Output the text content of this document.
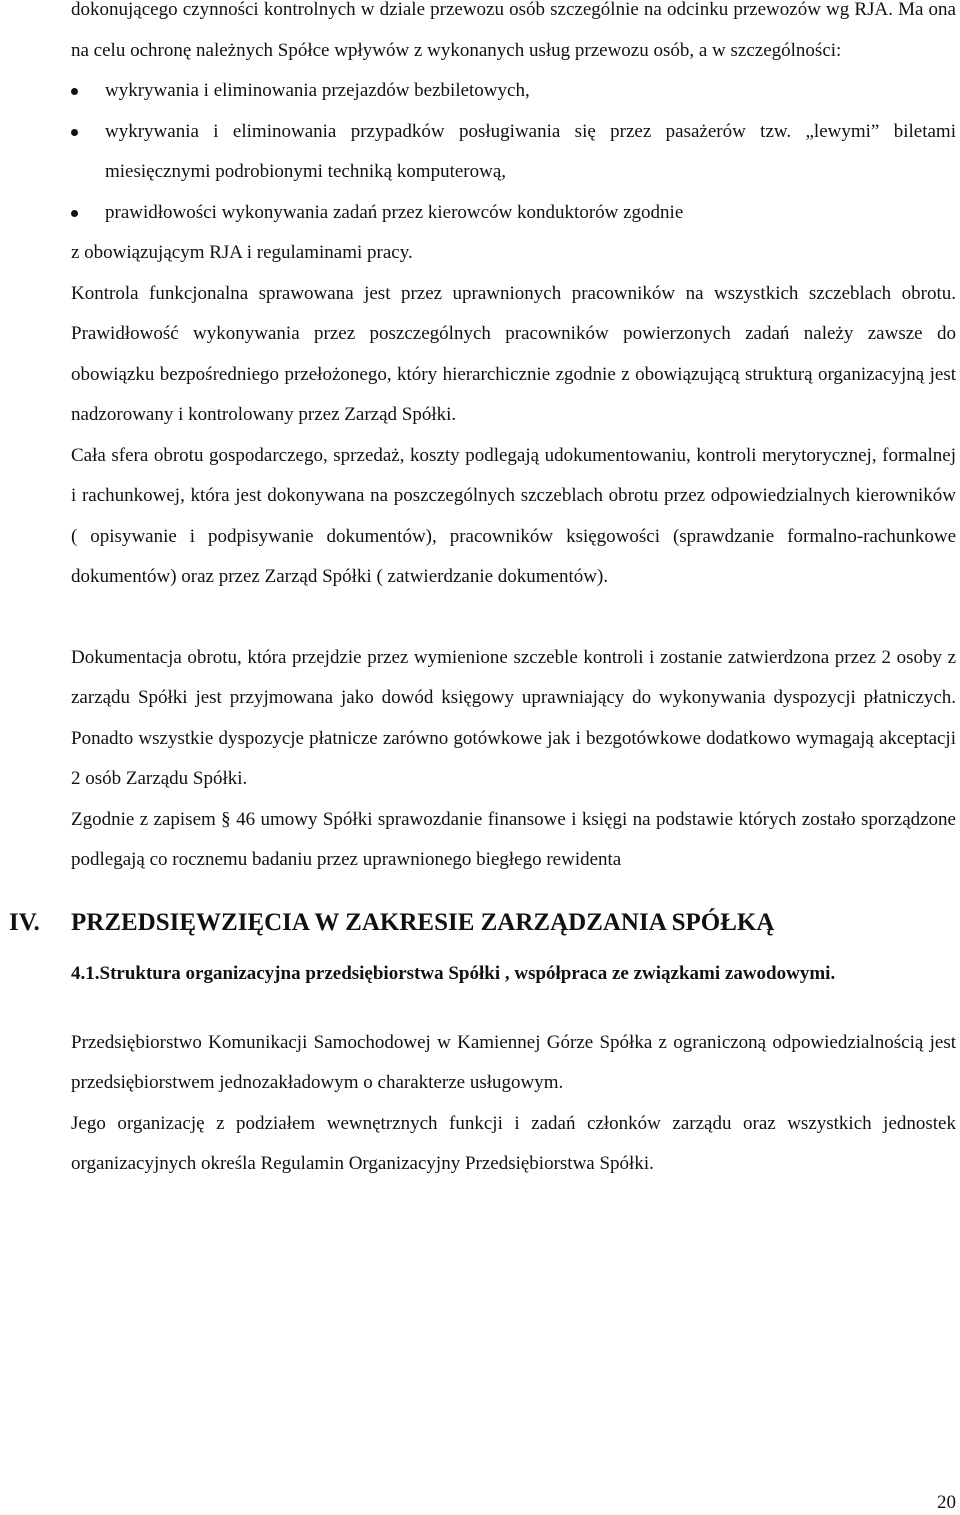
dokonującego czynności kontrolnych w dziale przewozu osób szczególnie na odcinku przewozów wg RJA. Ma ona na celu ochronę należnych Spółce wpływów z wykonanych usług przewozu osób, a w szczególności:

wykrywania i eliminowania przejazdów bezbiletowych,
wykrywania i eliminowania przypadków posługiwania się przez pasażerów tzw. „lewymi” biletami miesięcznymi podrobionymi techniką komputerową,
prawidłowości wykonywania zadań przez kierowców konduktorów zgodnie
z obowiązującym RJA i regulaminami pracy.

Kontrola funkcjonalna sprawowana jest przez uprawnionych pracowników na wszystkich szczeblach obrotu. Prawidłowość wykonywania przez poszczególnych pracowników powierzonych zadań należy zawsze do obowiązku bezpośredniego przełożonego, który hierarchicznie zgodnie z obowiązującą strukturą organizacyjną jest nadzorowany i kontrolowany przez Zarząd Spółki.

Cała sfera obrotu gospodarczego, sprzedaż, koszty podlegają udokumentowaniu, kontroli merytorycznej, formalnej i rachunkowej, która jest dokonywana na poszczególnych szczeblach obrotu przez odpowiedzialnych kierowników ( opisywanie i podpisywanie dokumentów), pracowników księgowości (sprawdzanie formalno-rachunkowe dokumentów) oraz przez Zarząd Spółki ( zatwierdzanie dokumentów).

Dokumentacja obrotu, która przejdzie przez wymienione szczeble kontroli i zostanie zatwierdzona przez 2 osoby z zarządu Spółki jest przyjmowana jako dowód księgowy uprawniający do wykonywania dyspozycji płatniczych. Ponadto wszystkie dyspozycje płatnicze zarówno gotówkowe jak i bezgotówkowe dodatkowo wymagają akceptacji 2 osób Zarządu Spółki.

Zgodnie z zapisem § 46 umowy Spółki sprawozdanie finansowe i księgi na podstawie których zostało sporządzone podlegają co rocznemu badaniu przez uprawnionego biegłego rewidenta

IV. PRZEDSIĘWZIĘCIA W ZAKRESIE ZARZĄDZANIA SPÓŁKĄ

4.1.Struktura organizacyjna przedsiębiorstwa Spółki , współpraca ze związkami zawodowymi.

Przedsiębiorstwo Komunikacji Samochodowej w Kamiennej Górze Spółka z ograniczoną odpowiedzialnością jest przedsiębiorstwem jednozakładowym o charakterze usługowym.

Jego organizację z podziałem wewnętrznych funkcji i zadań członków zarządu oraz wszystkich jednostek organizacyjnych określa Regulamin Organizacyjny Przedsiębiorstwa Spółki.

20
